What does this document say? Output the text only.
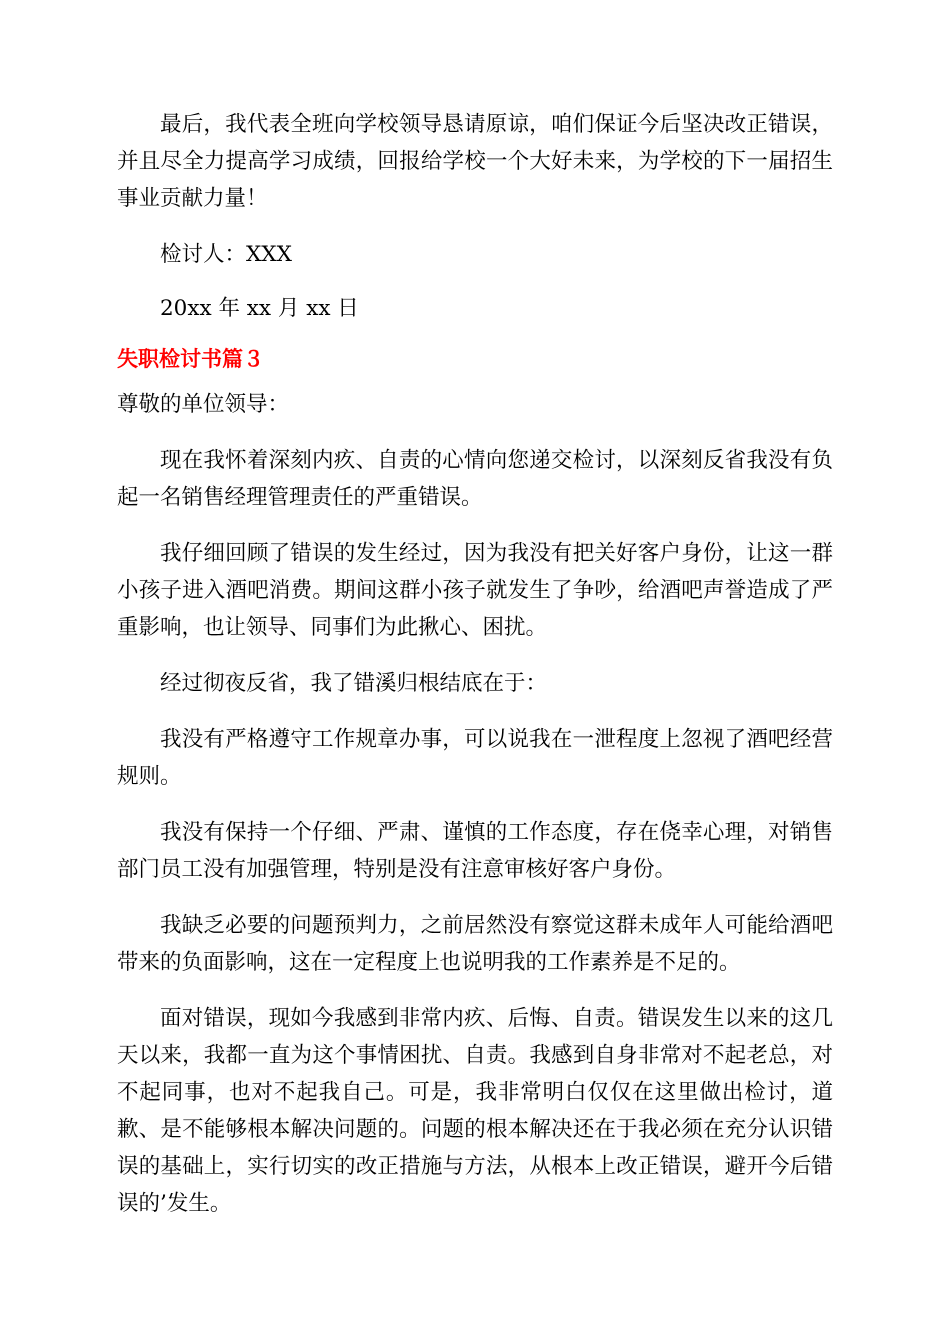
最后，我代表全班向学校领导恳请原谅，咱们保证今后坚决改正错误，并且尽全力提高学习成绩，回报给学校一个大好未来，为学校的下一届招生事业贡献力量！

检讨人：XXX

20xx 年 xx 月 xx 日

失职检讨书篇３

尊敬的单位领导：

现在我怀着深刻内疚、自责的心情向您递交检讨，以深刻反省我没有负起一名销售经理管理责任的严重错误。

我仔细回顾了错误的发生经过，因为我没有把关好客户身份，让这一群小孩子进入酒吧消费。期间这群小孩子就发生了争吵，给酒吧声誉造成了严重影响，也让领导、同事们为此揪心、困扰。

经过彻夜反省，我了错溪归根结底在于：

我没有严格遵守工作规章办事，可以说我在一泄程度上忽视了酒吧经营规则。

我没有保持一个仔细、严肃、谨慎的工作态度，存在侥幸心理，对销售部门员工没有加强管理，特别是没有注意审核好客户身份。

我缺乏必要的问题预判力，之前居然没有察觉这群未成年人可能给酒吧带来的负面影响，这在一定程度上也说明我的工作素养是不足的。

面对错误，现如今我感到非常内疚、后悔、自责。错误发生以来的这几天以来，我都一直为这个事情困扰、自责。我感到自身非常对不起老总，对不起同事，也对不起我自己。可是，我非常明白仅仅在这里做出检讨，道歉、是不能够根本解决问题的。问题的根本解决还在于我必须在充分认识错误的基础上，实行切实的改正措施与方法，从根本上改正错误，避开今后错误的’发生。
